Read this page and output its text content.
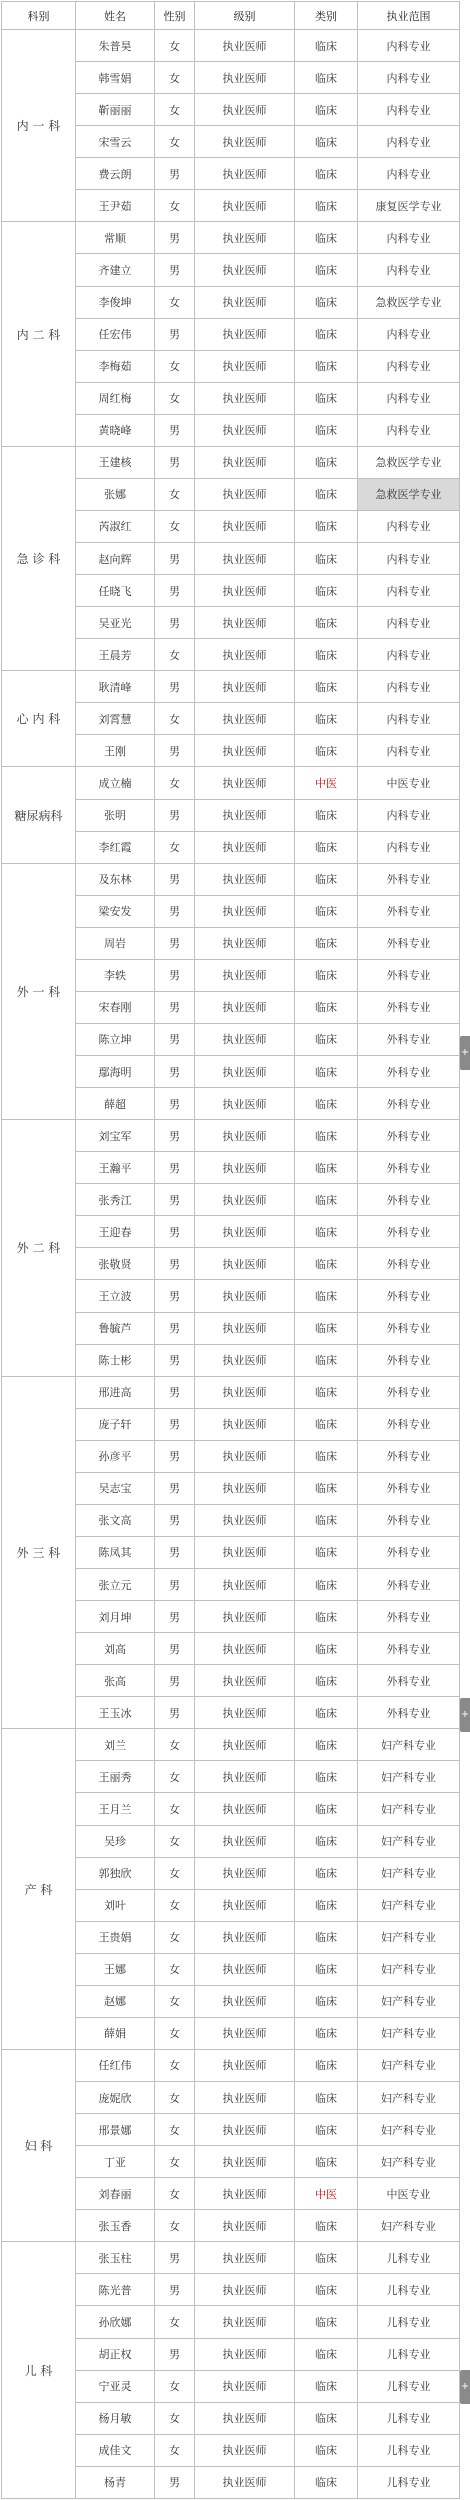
科别	姓名	性别	级别	类别	执业范围
内 一 科	朱普昊	女	执业医师	临床	内科专业
	韩雪娟	女	执业医师	临床	内科专业
	靳丽丽	女	执业医师	临床	内科专业
	宋雪云	女	执业医师	临床	内科专业
	费云朗	男	执业医师	临床	内科专业
	王尹茹	女	执业医师	临床	康复医学专业
内 二 科	常顺	男	执业医师	临床	内科专业
	齐建立	男	执业医师	临床	内科专业
	李俊坤	女	执业医师	临床	急救医学专业
	任宏伟	男	执业医师	临床	内科专业
	李梅茹	女	执业医师	临床	内科专业
	周红梅	女	执业医师	临床	内科专业
	黄晓峰	男	执业医师	临床	内科专业
急 诊 科	王建核	男	执业医师	临床	急救医学专业
	张娜	女	执业医师	临床	急救医学专业
	芮淑红	女	执业医师	临床	内科专业
	赵向辉	男	执业医师	临床	内科专业
	任晓飞	男	执业医师	临床	内科专业
	吴亚光	男	执业医师	临床	内科专业
	王晨芳	女	执业医师	临床	内科专业
心 内 科	耿清峰	男	执业医师	临床	内科专业
	刘霄慧	女	执业医师	临床	内科专业
	王刚	男	执业医师	临床	内科专业
糖尿病科	成立楠	女	执业医师	中医	中医专业
	张明	男	执业医师	临床	内科专业
	李红霞	女	执业医师	临床	内科专业
外 一 科	及东林	男	执业医师	临床	外科专业
	梁安发	男	执业医师	临床	外科专业
	周岩	男	执业医师	临床	外科专业
	李轶	男	执业医师	临床	外科专业
	宋春刚	男	执业医师	临床	外科专业
	陈立坤	男	执业医师	临床	外科专业
	鄢海明	男	执业医师	临床	外科专业
	薛超	男	执业医师	临床	外科专业
外 二 科	刘宝军	男	执业医师	临床	外科专业
	王瀚平	男	执业医师	临床	外科专业
	张秀江	男	执业医师	临床	外科专业
	王迎春	男	执业医师	临床	外科专业
	张敬贤	男	执业医师	临床	外科专业
	王立波	男	执业医师	临床	外科专业
	鲁毓芦	男	执业医师	临床	外科专业
	陈士彬	男	执业医师	临床	外科专业
外 三 科	邢进高	男	执业医师	临床	外科专业
	庞子轩	男	执业医师	临床	外科专业
	孙彦平	男	执业医师	临床	外科专业
	吴志宝	男	执业医师	临床	外科专业
	张文高	男	执业医师	临床	外科专业
	陈凤其	男	执业医师	临床	外科专业
	张立元	男	执业医师	临床	外科专业
	刘月坤	男	执业医师	临床	外科专业
	刘高	男	执业医师	临床	外科专业
	张高	男	执业医师	临床	外科专业
	王玉冰	男	执业医师	临床	外科专业
产 科	刘兰	女	执业医师	临床	妇产科专业
	王丽秀	女	执业医师	临床	妇产科专业
	王月兰	女	执业医师	临床	妇产科专业
	吴珍	女	执业医师	临床	妇产科专业
	郭独欣	女	执业医师	临床	妇产科专业
	刘叶	女	执业医师	临床	妇产科专业
	王贵娟	女	执业医师	临床	妇产科专业
	王娜	女	执业医师	临床	妇产科专业
	赵娜	女	执业医师	临床	妇产科专业
	薛娟	女	执业医师	临床	妇产科专业
妇 科	任红伟	女	执业医师	临床	妇产科专业
	庞妮欣	女	执业医师	临床	妇产科专业
	邢景娜	女	执业医师	临床	妇产科专业
	丁亚	女	执业医师	临床	妇产科专业
	刘春丽	女	执业医师	中医	中医专业
	张玉香	女	执业医师	临床	妇产科专业
儿 科	张玉柱	男	执业医师	临床	儿科专业
	陈光普	男	执业医师	临床	儿科专业
	孙欣娜	女	执业医师	临床	儿科专业
	胡正权	男	执业医师	临床	儿科专业
	宁亚灵	女	执业医师	临床	儿科专业
	杨月敏	女	执业医师	临床	儿科专业
	成佳文	女	执业医师	临床	儿科专业
	杨青	男	执业医师	临床	儿科专业
+
+
+
